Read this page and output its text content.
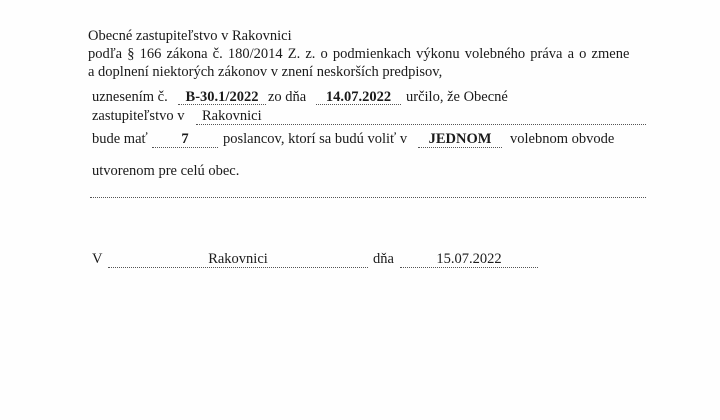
Obecné zastupiteľstvo v Rakovnici
podľa § 166 zákona č. 180/2014 Z. z. o podmienkach výkonu volebného práva a o zmene
a doplnení niektorých zákonov v znení neskorších predpisov,
uznesením č.	B-30.1/2022 zo dňa	14.07.2022	určilo, že Obecné
zastupiteľstvo v Rakovnici
bude mať	7	poslancov, ktorí sa budú voliť v	JEDNOM	volebnom obvode
utvorenom pre celú obec.
V	Rakovnici	dňa	15.07.2022
